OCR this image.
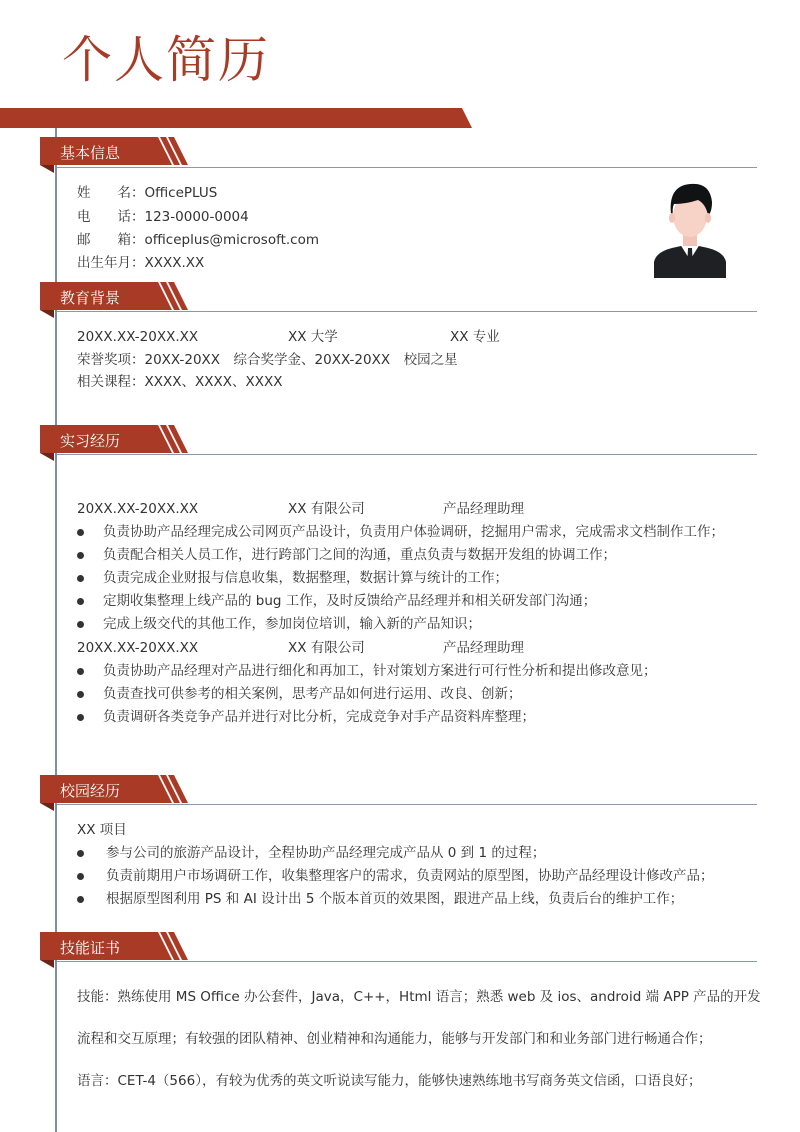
个人简历
基本信息
姓　　名：OfficePLUS
电　　话：123-0000-0004
邮　　箱：officeplus@microsoft.com
出生年月：XXXX.XX
教育背景
20XX.XX-20XX.XX	XX 大学	XX 专业
荣誉奖项：20XX-20XX　综合奖学金、20XX-20XX　校园之星
相关课程：XXXX、XXXX、XXXX
实习经历
20XX.XX-20XX.XX	XX 有限公司	产品经理助理
负责协助产品经理完成公司网页产品设计，负责用户体验调研，挖掘用户需求，完成需求文档制作工作；
负责配合相关人员工作，进行跨部门之间的沟通，重点负责与数据开发组的协调工作；
负责完成企业财报与信息收集，数据整理，数据计算与统计的工作；
定期收集整理上线产品的 bug 工作，及时反馈给产品经理并和相关研发部门沟通；
完成上级交代的其他工作，参加岗位培训，输入新的产品知识；
20XX.XX-20XX.XX	XX 有限公司	产品经理助理
负责协助产品经理对产品进行细化和再加工，针对策划方案进行可行性分析和提出修改意见；
负责查找可供参考的相关案例，思考产品如何进行运用、改良、创新；
负责调研各类竞争产品并进行对比分析，完成竞争对手产品资料库整理；
校园经历
XX 项目
参与公司的旅游产品设计，全程协助产品经理完成产品从 0 到 1 的过程；
负责前期用户市场调研工作，收集整理客户的需求，负责网站的原型图，协助产品经理设计修改产品；
根据原型图利用 PS 和 AI 设计出 5 个版本首页的效果图，跟进产品上线，负责后台的维护工作；
技能证书
技能：熟练使用 MS Office 办公套件，Java，C++，Html 语言；熟悉 web 及 ios、android 端 APP 产品的开发
流程和交互原理；有较强的团队精神、创业精神和沟通能力，能够与开发部门和和业务部门进行畅通合作；
语言：CET-4（566），有较为优秀的英文听说读写能力，能够快速熟练地书写商务英文信函，口语良好；
